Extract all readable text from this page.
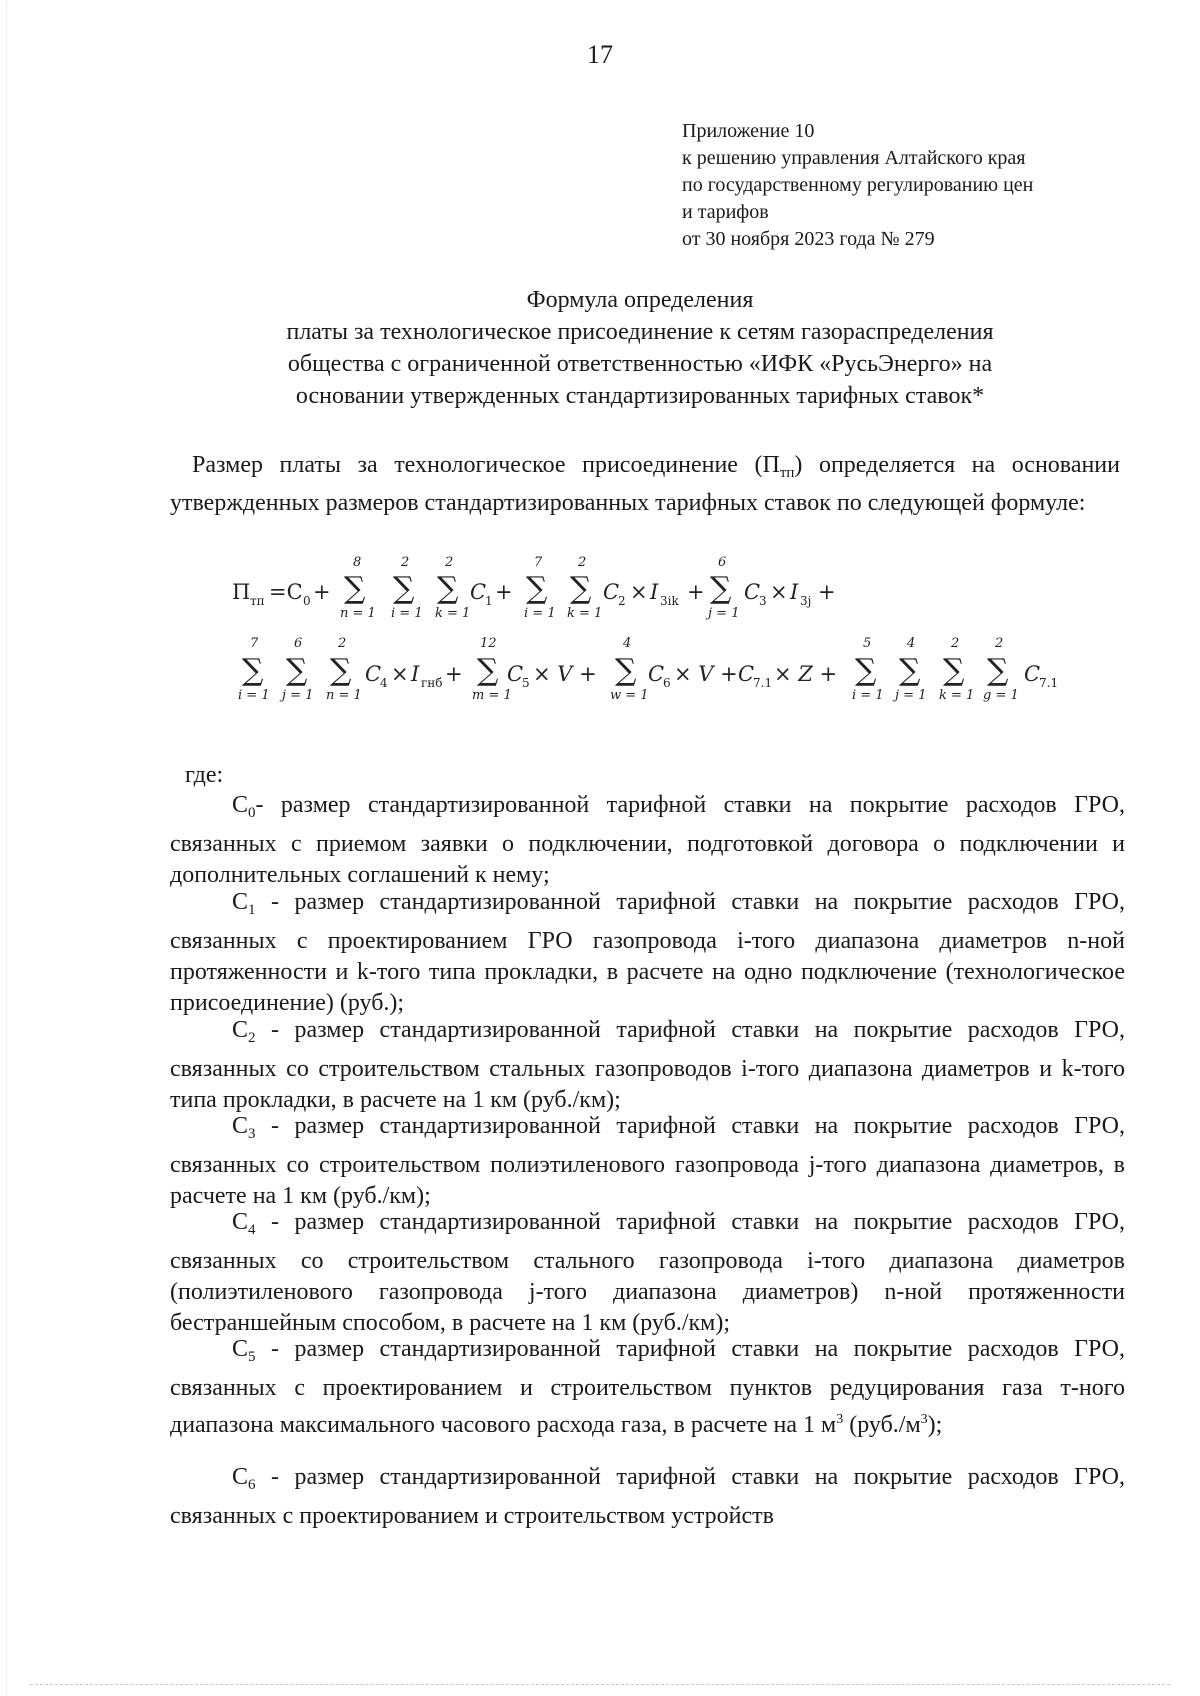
17
Приложение 10
к решению управления Алтайского края
по государственному регулированию цен
и тарифов
от 30 ноября 2023 года № 279
Формула определения
платы за технологическое присоединение к сетям газораспределения
общества с ограниченной ответственностью «ИФК «РусьЭнерго» на
основании утвержденных стандартизированных тарифных ставок*
Размер платы за технологическое присоединение $(П_{тп})$ определяется на основании утвержденных размеров стандартизированных тарифных ставок по следующей формуле:
П тп =С 0 +
8
∑
n = 1
2
∑
i = 1
2
∑
k = 1
C
1 +
7
∑
i = 1
2
∑
k = 1
C
2 × I 3ik +
6
∑
j = 1
C
3 × I 3j +
7
∑
i = 1
6
∑
j = 1
2
∑
n = 1
C
4 × I гнб +
12
∑
m = 1
C
5 × V +
4
∑
w = 1
C
6 × V + C
7.1 × Z +
5
∑
i = 1
4
∑
j = 1
2
∑
k = 1
2
∑
g = 1
C
7.1
где:
$С_0-$ размер стандартизированной тарифной ставки на покрытие расходов ГРО, связанных с приемом заявки о подключении, подготовкой договора о подключении и дополнительных соглашений к нему;
$С_1$ - размер стандартизированной тарифной ставки на покрытие расходов ГРО, связанных с проектированием ГРО газопровода i-того диапазона диаметров n-ной протяженности и k-того типа прокладки, в расчете на одно подключение (технологическое присоединение) (руб.);
$С_2$ - размер стандартизированной тарифной ставки на покрытие расходов ГРО, связанных со строительством стальных газопроводов i-того диапазона диаметров и k-того типа прокладки, в расчете на 1 км (руб./км);
$С_3$ - размер стандартизированной тарифной ставки на покрытие расходов ГРО, связанных со строительством полиэтиленового газопровода j-того диапазона диаметров, в расчете на 1 км (руб./км);
$С_4$ - размер стандартизированной тарифной ставки на покрытие расходов ГРО, связанных со строительством стального газопровода i-того диапазона диаметров (полиэтиленового газопровода j-того диапазона диаметров) n-ной протяженности бестраншейным способом, в расчете на 1 км (руб./км);
$С_5$ - размер стандартизированной тарифной ставки на покрытие расходов ГРО, связанных с проектированием и строительством пунктов редуцирования газа т-ного диапазона максимального часового расхода газа, в расчете на 1 $м^3$ $(руб./м^3)$;
$С_6$ - размер стандартизированной тарифной ставки на покрытие расходов ГРО, связанных с проектированием и строительством устройств
